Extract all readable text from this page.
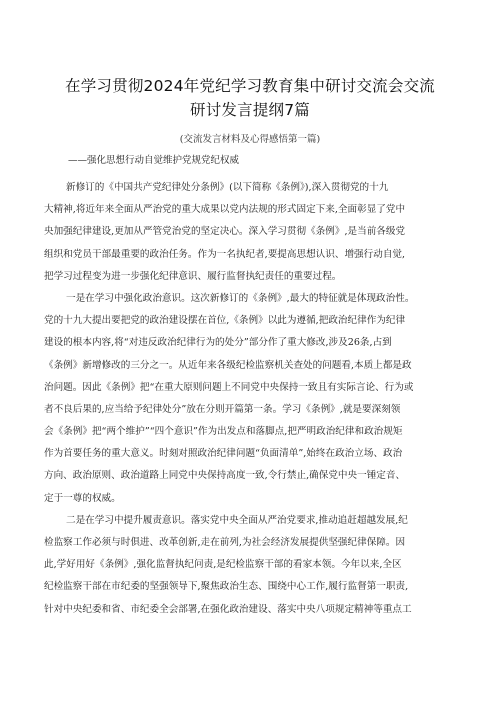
在学习贯彻2024年党纪学习教育集中研讨交流会交流
研讨发言提纲7篇
(交流发言材料及心得感悟第一篇)
——强化思想行动自觉维护党规党纪权威
新修订的《中国共产党纪律处分条例》(以下简称《条例》),深入贯彻党的十九
大精神,将近年来全面从严治党的重大成果以党内法规的形式固定下来,全面彰显了党中
央加强纪律建设,更加从严管党治党的坚定决心。深入学习贯彻《条例》,是当前各级党
组织和党员干部最重要的政治任务。作为一名执纪者,要提高思想认识、增强行动自觉,
把学习过程变为进一步强化纪律意识、履行监督执纪责任的重要过程。
一是在学习中强化政治意识。这次新修订的《条例》,最大的特征就是体现政治性。
党的十九大提出要把党的政治建设摆在首位,《条例》以此为遵循,把政治纪律作为纪律
建设的根本内容,将“对违反政治纪律行为的处分”部分作了重大修改,涉及26条,占到
《条例》新增修改的三分之一。从近年来各级纪检监察机关查处的问题看,本质上都是政
治问题。因此《条例》把“在重大原则问题上不同党中央保持一致且有实际言论、行为或
者不良后果的,应当给予纪律处分”放在分则开篇第一条。学习《条例》,就是要深刻领
会《条例》把“两个维护”“四个意识”作为出发点和落脚点,把严明政治纪律和政治规矩
作为首要任务的重大意义。时刻对照政治纪律问题“负面清单”,始终在政治立场、政治
方向、政治原则、政治道路上同党中央保持高度一致,令行禁止,确保党中央一锤定音、
定于一尊的权威。
二是在学习中提升履责意识。落实党中央全面从严治党要求,推动追赶超越发展,纪
检监察工作必须与时俱进、改革创新,走在前列,为社会经济发展提供坚强纪律保障。因
此,学好用好《条例》,强化监督执纪问责,是纪检监察干部的看家本领。今年以来,全区
纪检监察干部在市纪委的坚强领导下,聚焦政治生态、围绕中心工作,履行监督第一职责,
针对中央纪委和省、市纪委全会部署,在强化政治建设、落实中央八项规定精神等重点工
